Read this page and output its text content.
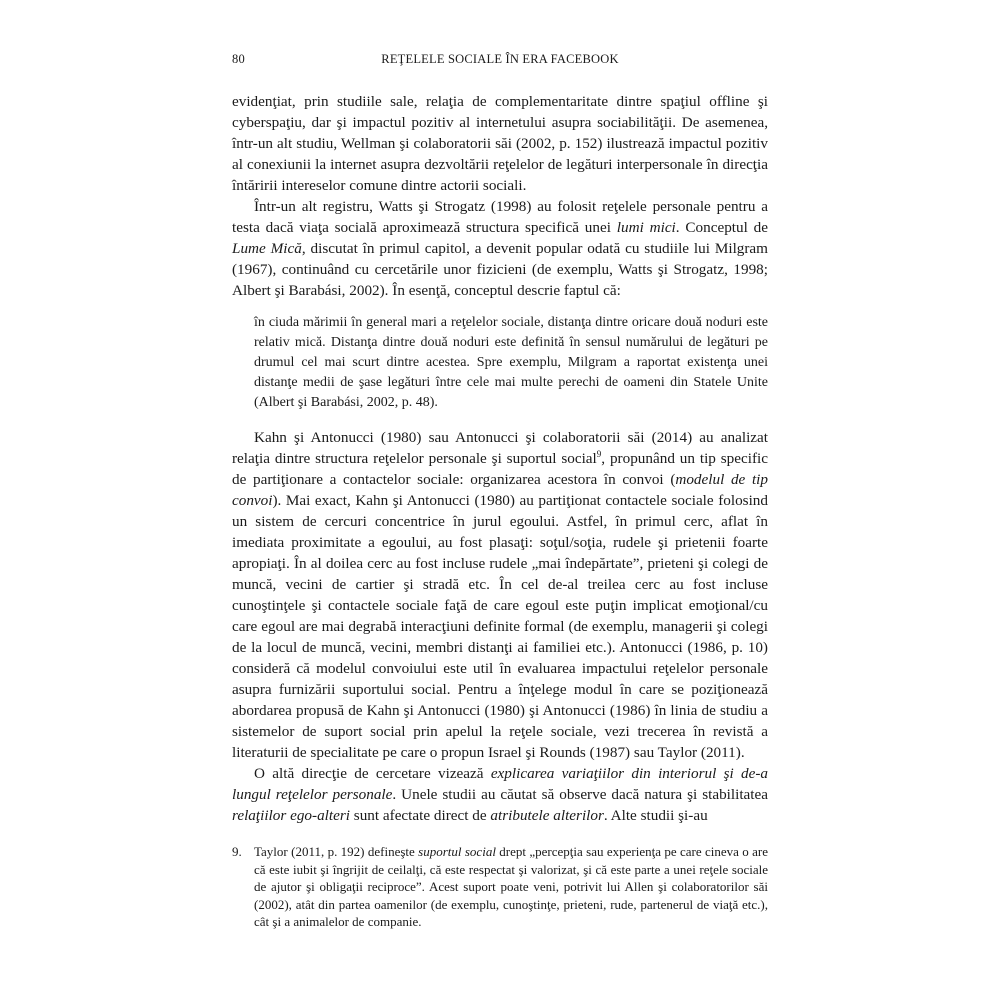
80	REŢELELE SOCIALE ÎN ERA FACEBOOK

evidenţiat, prin studiile sale, relaţia de complementaritate dintre spaţiul offline şi cyberspaţiu, dar şi impactul pozitiv al internetului asupra sociabilităţii. De asemenea, într-un alt studiu, Wellman şi colaboratorii săi (2002, p. 152) ilustrează impactul pozitiv al conexiunii la internet asupra dezvoltării reţelelor de legături interpersonale în direcţia întăririi intereselor comune dintre actorii sociali.

Într-un alt registru, Watts şi Strogatz (1998) au folosit reţelele personale pentru a testa dacă viaţa socială aproximează structura specifică unei lumi mici. Conceptul de Lume Mică, discutat în primul capitol, a devenit popular odată cu studiile lui Milgram (1967), continuând cu cercetările unor fizicieni (de exemplu, Watts şi Strogatz, 1998; Albert şi Barabási, 2002). În esenţă, conceptul descrie faptul că:

în ciuda mărimii în general mari a reţelelor sociale, distanţa dintre oricare două noduri este relativ mică. Distanţa dintre două noduri este definită în sensul numărului de legături pe drumul cel mai scurt dintre acestea. Spre exemplu, Milgram a raportat existenţa unei distanţe medii de şase legături între cele mai multe perechi de oameni din Statele Unite (Albert şi Barabási, 2002, p. 48).

Kahn şi Antonucci (1980) sau Antonucci şi colaboratorii săi (2014) au analizat relaţia dintre structura reţelelor personale şi suportul social$^9$, propunând un tip specific de partiţionare a contactelor sociale: organizarea acestora în convoi (modelul de tip convoi). Mai exact, Kahn şi Antonucci (1980) au partiţionat contactele sociale folosind un sistem de cercuri concentrice în jurul egoului. Astfel, în primul cerc, aflat în imediata proximitate a egoului, au fost plasaţi: soţul/soţia, rudele şi prietenii foarte apropiaţi. În al doilea cerc au fost incluse rudele „mai îndepărtate”, prieteni şi colegi de muncă, vecini de cartier şi stradă etc. În cel de-al treilea cerc au fost incluse cunoştinţele şi contactele sociale faţă de care egoul este puţin implicat emoţional/cu care egoul are mai degrabă interacţiuni definite formal (de exemplu, managerii şi colegi de la locul de muncă, vecini, membri distanţi ai familiei etc.). Antonucci (1986, p. 10) consideră că modelul convoiului este util în evaluarea impactului reţelelor personale asupra furnizării suportului social. Pentru a înţelege modul în care se poziţionează abordarea propusă de Kahn şi Antonucci (1980) şi Antonucci (1986) în linia de studiu a sistemelor de suport social prin apelul la reţele sociale, vezi trecerea în revistă a literaturii de specialitate pe care o propun Israel şi Rounds (1987) sau Taylor (2011).

O altă direcţie de cercetare vizează explicarea variaţiilor din interiorul şi de-a lungul reţelelor personale. Unele studii au căutat să observe dacă natura şi stabilitatea relaţiilor ego-alteri sunt afectate direct de atributele alterilor. Alte studii şi-au

9. Taylor (2011, p. 192) defineşte suportul social drept „percepţia sau experienţa pe care cineva o are că este iubit şi îngrijit de ceilalţi, că este respectat şi valorizat, şi că este parte a unei reţele sociale de ajutor şi obligaţii reciproce”. Acest suport poate veni, potrivit lui Allen şi colaboratorilor săi (2002), atât din partea oamenilor (de exemplu, cunoştinţe, prieteni, rude, partenerul de viaţă etc.), cât şi a animalelor de companie.
